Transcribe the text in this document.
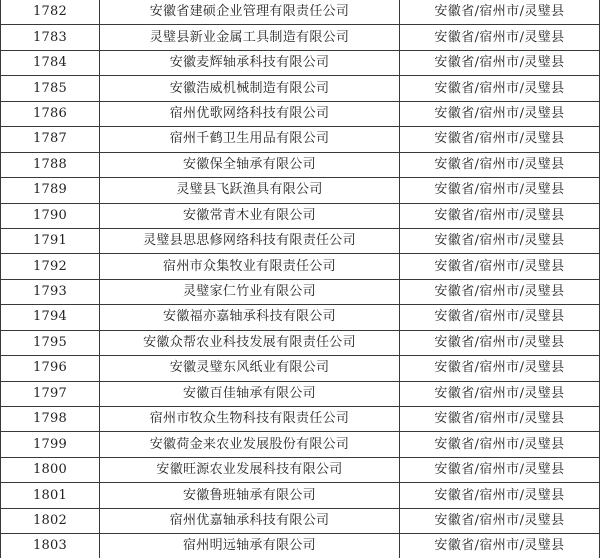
1782	安徽省建硕企业管理有限责任公司	安徽省/宿州市/灵璧县
1783	灵璧县新业金属工具制造有限公司	安徽省/宿州市/灵璧县
1784	安徽麦辉轴承科技有限公司	安徽省/宿州市/灵璧县
1785	安徽浩威机械制造有限公司	安徽省/宿州市/灵璧县
1786	宿州优歌网络科技有限公司	安徽省/宿州市/灵璧县
1787	宿州千鹤卫生用品有限公司	安徽省/宿州市/灵璧县
1788	安徽保全轴承有限公司	安徽省/宿州市/灵璧县
1789	灵璧县飞跃渔具有限公司	安徽省/宿州市/灵璧县
1790	安徽常青木业有限公司	安徽省/宿州市/灵璧县
1791	灵璧县思思修网络科技有限责任公司	安徽省/宿州市/灵璧县
1792	宿州市众集牧业有限责任公司	安徽省/宿州市/灵璧县
1793	灵璧家仁竹业有限公司	安徽省/宿州市/灵璧县
1794	安徽福亦嘉轴承科技有限公司	安徽省/宿州市/灵璧县
1795	安徽众帮农业科技发展有限责任公司	安徽省/宿州市/灵璧县
1796	安徽灵璧东风纸业有限公司	安徽省/宿州市/灵璧县
1797	安徽百佳轴承有限公司	安徽省/宿州市/灵璧县
1798	宿州市牧众生物科技有限责任公司	安徽省/宿州市/灵璧县
1799	安徽荷金来农业发展股份有限公司	安徽省/宿州市/灵璧县
1800	安徽旺源农业发展科技有限公司	安徽省/宿州市/灵璧县
1801	安徽鲁班轴承有限公司	安徽省/宿州市/灵璧县
1802	宿州优嘉轴承科技有限公司	安徽省/宿州市/灵璧县
1803	宿州明远轴承有限公司	安徽省/宿州市/灵璧县
